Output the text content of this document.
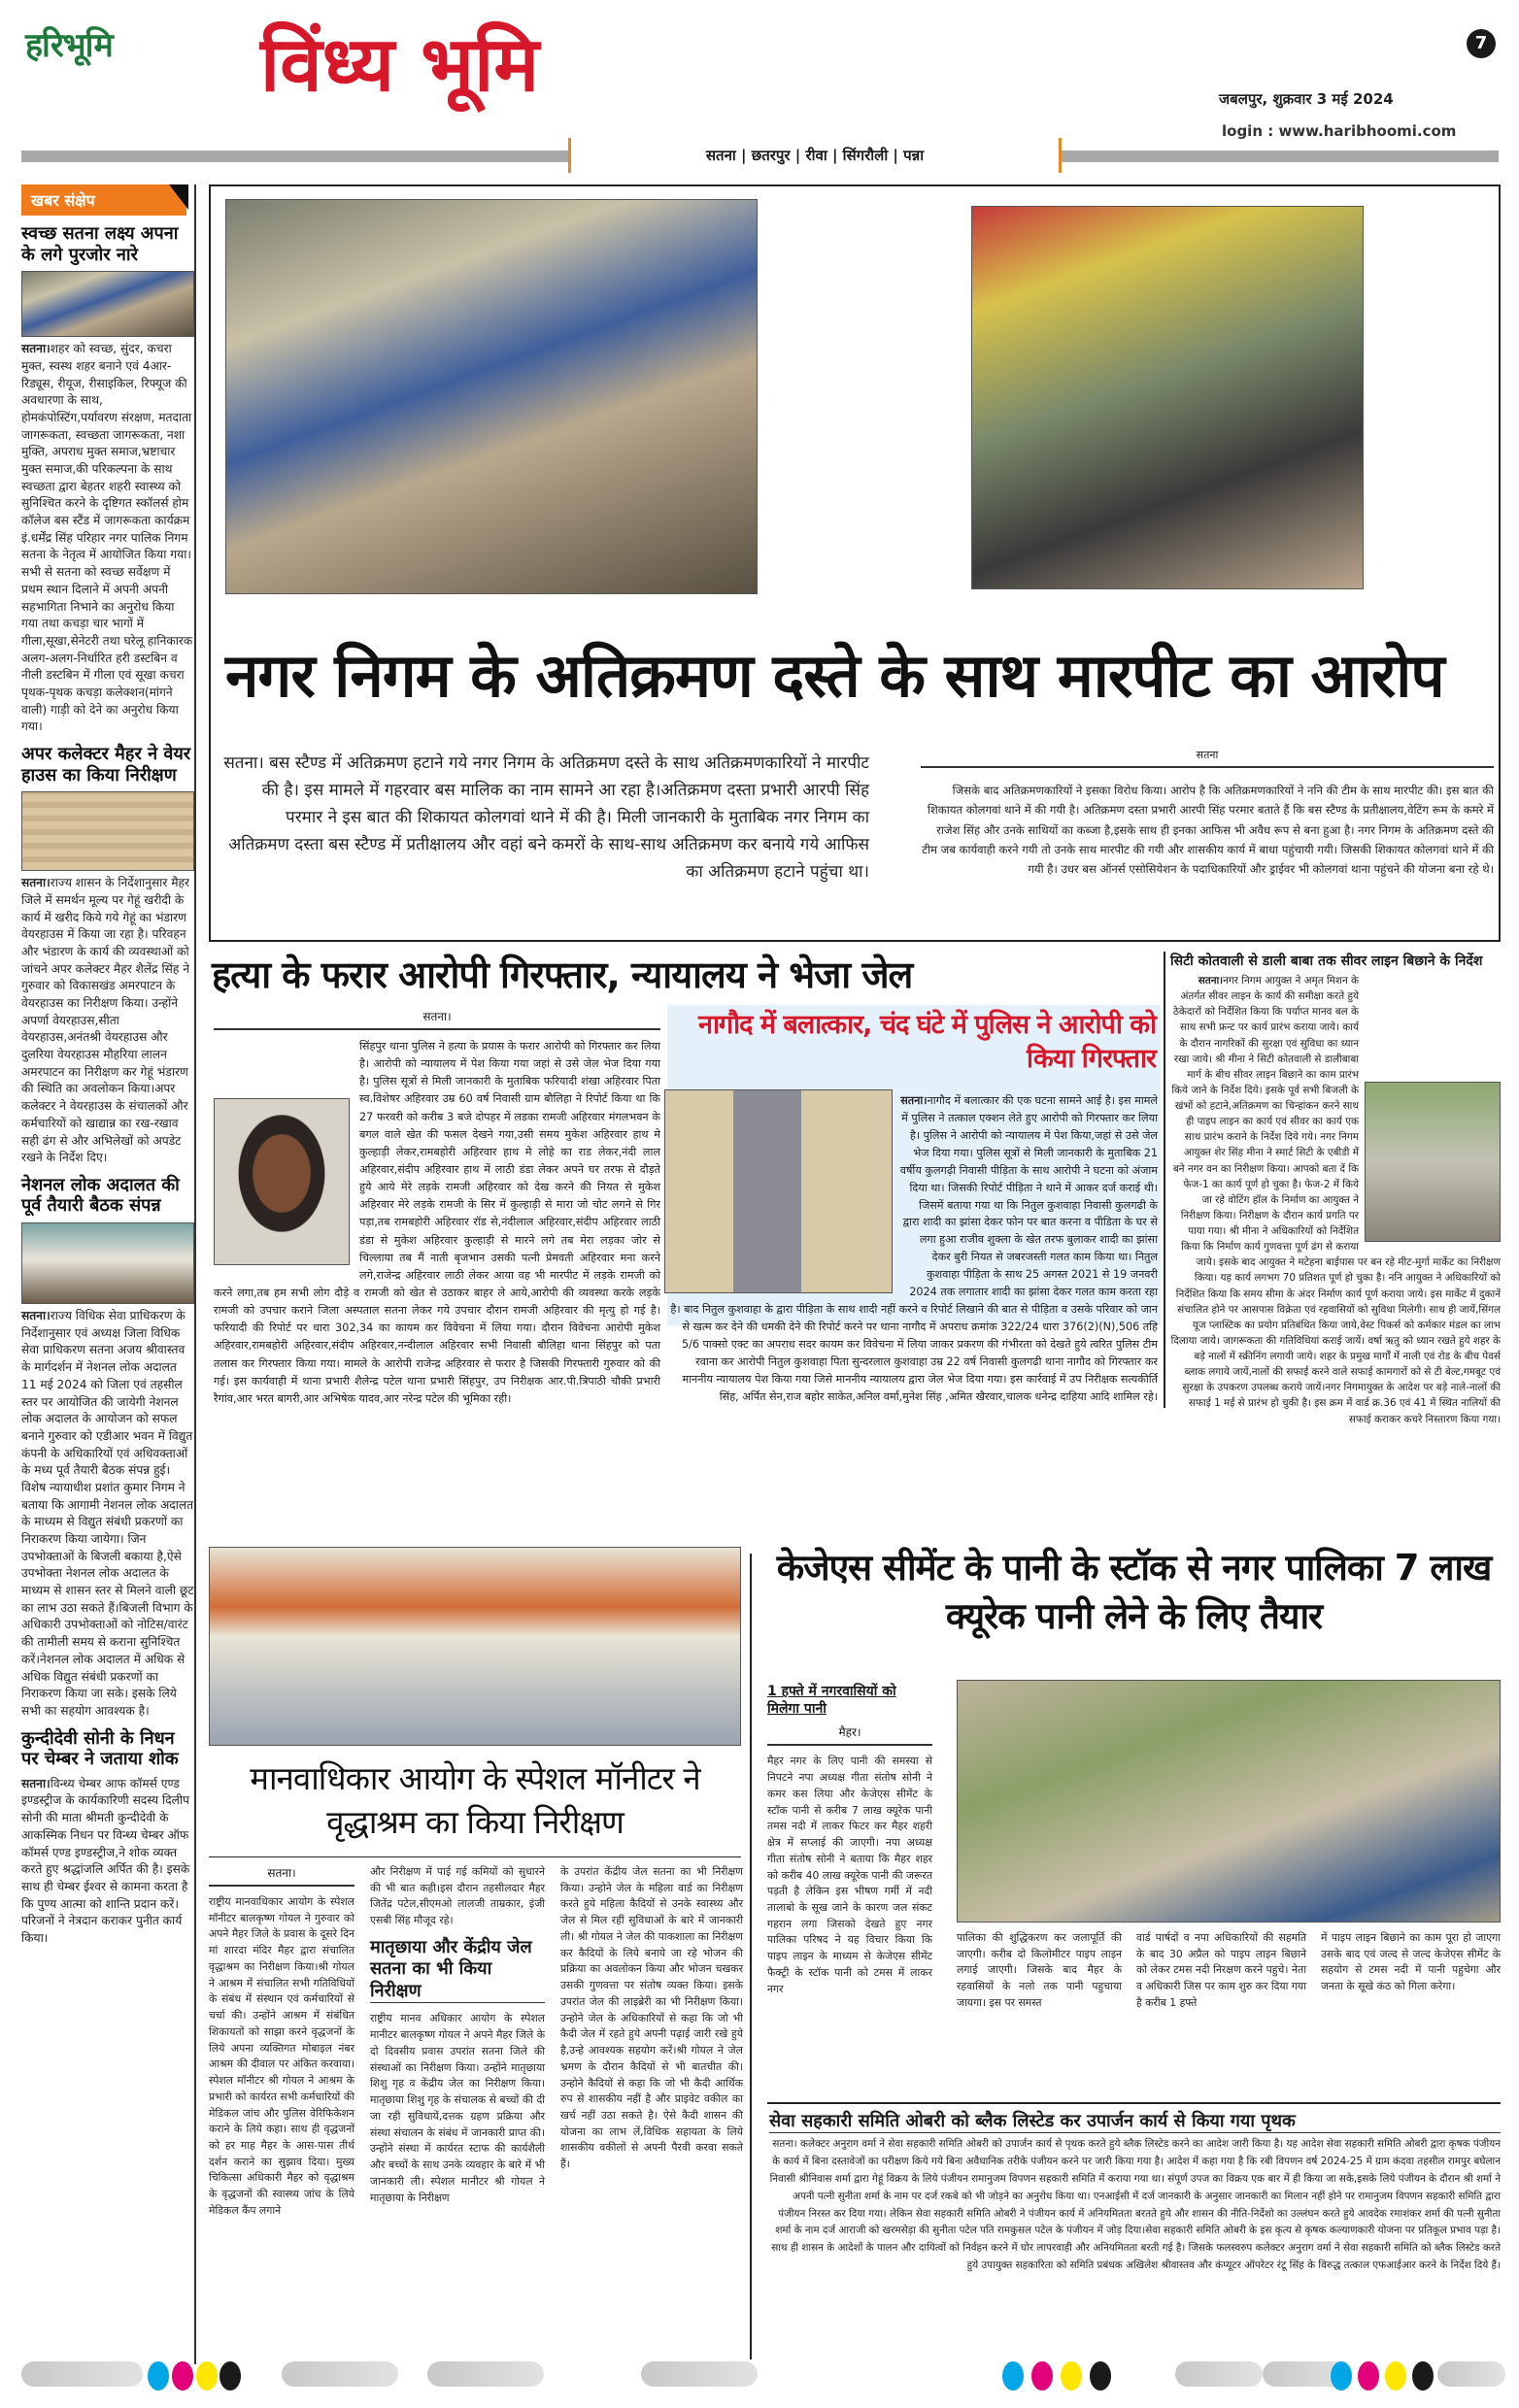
हरिभूमि विंध्य भूमि	7
जबलपुर, शुक्रवार 3 मई 2024
login : www.haribhoomi.com
सतना | छतरपुर | रीवा | सिंगरौली | पन्ना
खबर संक्षेप
स्वच्छ सतना लक्ष्य अपना के लगे पुरजोर नारे
सतना।शहर को स्वच्छ, सुंदर, कचरा मुक्त, स्वस्थ शहर बनाने एवं 4आर-रिड्यूस, रीयूज, रीसाइकिल, रिफ्यूज की अवधारणा के साथ, होमकंपोस्टिंग,पर्यावरण संरक्षण, मतदाता जागरूकता, स्वच्छता जागरूकता, नशा मुक्ति, अपराध मुक्त समाज,भ्रष्टाचार मुक्त समाज,की परिकल्पना के साथ स्वच्छता द्वारा बेहतर शहरी स्वास्थ्य को सुनिश्चित करने के दृष्टिगत स्कॉलर्स होम कॉलेज बस स्टैंड में जागरूकता कार्यक्रम इं.धर्मेंद्र सिंह परिहार नगर पालिक निगम सतना के नेतृत्व में आयोजित किया गया।सभी से सतना को स्वच्छ सर्वेक्षण में प्रथम स्थान दिलाने में अपनी अपनी सहभागिता निभाने का अनुरोध किया गया तथा कचड़ा चार भागों में गीला,सूखा,सेनेटरी तथा घरेलू हानिकारक अलग-अलग-निर्धारित हरी डस्टबिन व नीली डस्टबिन में गीला एवं सूखा कचरा पृथक-पृथक कचड़ा कलेक्शन(मांगने वाली) गाड़ी को देने का अनुरोध किया गया।
अपर कलेक्टर मैहर ने वेयर हाउस का किया निरीक्षण
सतना।राज्य शासन के निर्देशानुसार मैहर जिले में समर्थन मूल्य पर गेहूं खरीदी के कार्य में खरीद किये गये गेहूं का भंडारण वेयरहाउस में किया जा रहा है। परिवहन और भंडारण के कार्य की व्यवस्थाओं को जांचने अपर कलेक्टर मैहर शैलेंद्र सिंह ने गुरुवार को विकासखंड अमरपाटन के वेयरहाउस का निरीक्षण किया। उन्होंने अपर्णा वेयरहाउस,सीता वेयरहाउस,अनंतश्री वेयरहाउस और दुलरिया वेयरहाउस मौहरिया लालन अमरपाटन का निरीक्षण कर गेहूं भंडारण की स्थिति का अवलोकन किया।अपर कलेक्टर ने वेयरहाउस के संचालकों और कर्मचारियों को खाद्यान्न का रख-रखाव सही ढंग से और अभिलेखों को अपडेट रखने के निर्देश दिए।
नेशनल लोक अदालत की पूर्व तैयारी बैठक संपन्न
सतना।राज्य विधिक सेवा प्राधिकरण के निर्देशानुसार एवं अध्यक्ष जिला विधिक सेवा प्राधिकरण सतना अजय श्रीवास्तव के मार्गदर्शन में नेशनल लोक अदालत 11 मई 2024 को जिला एवं तहसील स्तर पर आयोजित की जायेगी नेशनल लोक अदालत के आयोजन को सफल बनाने गुरुवार को एडीआर भवन में विद्युत कंपनी के अधिकारियों एवं अधिवक्ताओं के मध्य पूर्व तैयारी बैठक संपन्न हुई। विशेष न्यायाधीश प्रशांत कुमार निगम ने बताया कि आगामी नेशनल लोक अदालत के माध्यम से विद्युत संबंधी प्रकरणों का निराकरण किया जायेगा। जिन उपभोक्ताओं के बिजली बकाया है,ऐसे उपभोक्ता नेशनल लोक अदालत के माध्यम से शासन स्तर से मिलने वाली छूट का लाभ उठा सकते हैं।बिजली विभाग के अधिकारी उपभोक्ताओं को नोटिस/वारंट की तामीली समय से कराना सुनिश्चित करें।नेशनल लोक अदालत में अधिक से अधिक विद्युत संबंधी प्रकरणों का निराकरण किया जा सके। इसके लिये सभी का सहयोग आवश्यक है।
कुन्दीदेवी सोनी के निधन पर चेम्बर ने जताया शोक
सतना।विन्ध्य चेम्बर आफ कॉमर्स एण्ड इण्डस्ट्रीज के कार्यकारिणी सदस्य दिलीप सोनी की माता श्रीमती कुन्दीदेवी के आकस्मिक निधन पर विन्ध्य चेम्बर ऑफ कॉमर्स एण्ड इण्डस्ट्रीज,ने शोक व्यक्त करते हुए श्रद्धांजलि अर्पित की है। इसके साथ ही चेम्बर ईश्वर से कामना करता है कि पुण्य आत्मा को शान्ति प्रदान करें। परिजनों ने नेत्रदान कराकर पुनीत कार्य किया।
नगर निगम के अतिक्रमण दस्ते के साथ मारपीट का आरोप
सतना। बस स्टैण्ड में अतिक्रमण हटाने गये नगर निगम के अतिक्रमण दस्ते के साथ अतिक्रमणकारियों ने मारपीट की है। इस मामले में गहरवार बस मालिक का नाम सामने आ रहा है।अतिक्रमण दस्ता प्रभारी आरपी सिंह परमार ने इस बात की शिकायत कोलगवां थाने में की है। मिली जानकारी के मुताबिक नगर निगम का अतिक्रमण दस्ता बस स्टैण्ड में प्रतीक्षालय और वहां बने कमरों के साथ-साथ अतिक्रमण कर बनाये गये आफिस का अतिक्रमण हटाने पहुंचा था।
सतना
जिसके बाद अतिक्रमणकारियों ने इसका विरोध किया। आरोप है कि अतिक्रमणकारियों ने ननि की टीम के साथ मारपीट की। इस बात की शिकायत कोलगवां थाने में की गयी है। अतिक्रमण दस्ता प्रभारी आरपी सिंह परमार बताते हैं कि बस स्टैण्ड के प्रतीक्षालय,वेटिंग रूम के कमरे में राजेश सिंह और उनके साथियों का कब्जा है,इसके साथ ही इनका आफिस भी अवैध रूप से बना हुआ है। नगर निगम के अतिक्रमण दस्ते की टीम जब कार्यवाही करने गयी तो उनके साथ मारपीट की गयी और शासकीय कार्य में बाधा पहुंचायी गयी। जिसकी शिकायत कोलगवां थाने में की गयी है। उधर बस ऑनर्स एसोसियेशन के पदाधिकारियों और ड्राईवर भी कोलगवां थाना पहुंचने की योजना बना रहे थे।
हत्या के फरार आरोपी गिरफ्तार, न्यायालय ने भेजा जेल
सतना।
सिंहपुर थाना पुलिस ने हत्या के प्रयास के फरार आरोपी को गिरफ्तार कर लिया है। आरोपी को न्यायालय में पेश किया गया जहां से उसे जेल भेज दिया गया है। पुलिस सूत्रों से मिली जानकारी के मुताबिक फरियादी शंखा अहिरवार पिता स्व.विशेषर अहिरवार उम्र 60 वर्ष निवासी ग्राम बौलिहा ने रिपोर्ट किया था कि 27 फरवरी को करीब 3 बजे दोपहर में लडका रामजी अहिरवार मंगलभवन के बगल वाले खेत की फसल देखने गया,उसी समय मुकेश अहिरवार हाथ मे कुल्हाड़ी लेकर,रामबहोरी अहिरवार हाथ मे लोहे का राड लेकर,नंदी लाल अहिरवार,संदीप अहिरवार हाथ में लाठी डंडा लेकर अपने घर तरफ से दौड़ते हुये आये मेरे लड़के रामजी अहिरवार को देख करने की नियत से मुकेश अहिरवार मेरे लड़के रामजी के सिर में कुल्हाड़ी से मारा जो चोट लगने से गिर पड़ा,तब रामबहोरी अहिरवार रॉड से,नंदीलाल अहिरवार,संदीप अहिरवार लाठी डंडा से मुकेश अहिरवार कुल्हाड़ी से मारने लगे तब मेरा लड़का जोर से चिल्लाया तब मैं नाती बृजभान उसकी पत्नी प्रेमवती अहिरवार मना करने लगे,राजेन्द्र अहिरवार लाठी लेकर आया वह भी मारपीट में लड़के रामजी को करने लगा,तब हम सभी लोग दौड़े व रामजी को खेत से उठाकर बाहर ले आये,आरोपी की व्यवस्था करके लड़के रामजी को उपचार कराने जिला अस्पताल सतना लेकर गये उपचार दौरान रामजी अहिरवार की मृत्यु हो गई है। फरियादी की रिपोर्ट पर धारा 302,34 का कायम कर विवेचना में लिया गया। दौरान विवेचना आरोपी मुकेश अहिरवार,रामबहोरी अहिरवार,संदीप अहिरवार,नन्दीलाल अहिरवार सभी निवासी बौलिहा थाना सिंहपुर को पता तलास कर गिरफ्तार किया गया। मामले के आरोपी राजेन्द्र अहिरवार से फरार है जिसकी गिरफ्तारी गुरुवार को की गई। इस कार्यवाही में थाना प्रभारी शैलेन्द्र पटेल थाना प्रभारी सिंहपुर, उप निरीक्षक आर.पी.त्रिपाठी चौकी प्रभारी रैगांव,आर भरत बागरी,आर अभिषेक यादव,आर नरेन्द्र पटेल की भूमिका रही।
नागौद में बलात्कार, चंद घंटे में पुलिस ने आरोपी को किया गिरफ्तार
सतना।नागौद में बलात्कार की एक घटना सामने आई है। इस मामले में पुलिस ने तत्काल एक्शन लेते हुए आरोपी को गिरफ्तार कर लिया है। पुलिस ने आरोपी को न्यायालय में पेश किया,जहां से उसे जेल भेज दिया गया। पुलिस सूत्रों से मिली जानकारी के मुताबिक 21 वर्षीय कुलगढ़ी निवासी पीड़िता के साथ आरोपी ने घटना को अंजाम दिया था। जिसकी रिपोर्ट पीड़िता ने थाने में आकर दर्ज कराई थी। जिसमें बताया गया था कि नितुल कुशवाहा निवासी कुलगढी के द्वारा शादी का झांसा देकर फोन पर बात करना व पीडिता के घर से लगा हुआ राजीव शुक्ला के खेत तरफ बुलाकर शादी का झांसा देकर बुरी नियत से जबरजस्ती गलत काम किया था। नितुल कुशवाहा पीड़िता के साथ 25 अगस्त 2021 से 19 जनवरी 2024 तक लगातार शादी का झांसा देकर गलत काम करता रहा है। बाद नितुल कुशवाहा के द्वारा पीड़िता के साथ शादी नहीं करने व रिपोर्ट लिखाने की बात से पीड़िता व उसके परिवार को जान से खत्म कर देने की धमकी देने की रिपोर्ट करने पर थाना नागौद में अपराध क्रमांक 322/24 धारा 376(2)(N),506 तहि 5/6 पाक्सो एक्ट का अपराध सदर कायम कर विवेचना में लिया जाकर प्रकरण की गंभीरता को देखते हुये त्वरित पुलिस टीम रवाना कर आरोपी नितुल कुशवाहा पिता सुन्दरलाल कुशवाहा उम्र 22 वर्ष निवासी कुलगढी थाना नागौद को गिरफ्तार कर माननीय न्यायालय पेश किया गया जिसे माननीय न्यायालय द्वारा जेल भेज दिया गया। इस कार्रवाई में उप निरीक्षक सत्यकीर्ति सिंह, अर्पित सेन,राज बहोर साकेत,अनिल वर्मा,मुनेश सिंह ,अमित खैरवार,चालक धनेन्द्र दाहिया आदि शामिल रहे।
सिटी कोतवाली से डाली बाबा तक सीवर लाइन बिछाने के निर्देश
सतना।नगर निगम आयुक्त ने अमृत मिशन के अंतर्गत सीवर लाइन के कार्य की समीक्षा करते हुये ठेकेदारों को निर्देशित किया कि पर्याप्त मानव बल के साथ सभी फ्रन्ट पर कार्य प्रारंभ कराया जाये। कार्य के दौरान नागरिकों की सुरक्षा एवं सुविधा का ध्यान रखा जाये। श्री मीना ने सिटी कोतवाली से डालीबाबा मार्ग के बीच सीवर लाइन बिछाने का काम प्रारंभ किये जाने के निर्देश दिये। इसके पूर्व सभी बिजली के खंभों को हटाने,अतिक्रमण का चिन्हांकन करने साथ ही पाइप लाइन का कार्य एवं सीवर का कार्य एक साथ प्रारंभ कराने के निर्देश दिये गये। नगर निगम आयुक्त शेर सिंह मीना ने स्मार्ट सिटी के एबीडी में बने नगर वन का निरीक्षण किया। आपको बता दें कि फेज-1 का कार्य पूर्ण हो चुका है। फेज-2 में किये जा रहे वोटिंग हॉल के निर्माण का आयुक्त ने निरीक्षण किया। निरीक्षण के दौरान कार्य प्रगति पर पाया गया। श्री मीना ने अधिकारियों को निर्देशित किया कि निर्माण कार्य गुणवत्ता पूर्ण ढंग से कराया जाये। इसके बाद आयुक्त ने मटेहना बाईपास पर बन रहे मीट-मुर्गा मार्केट का निरीक्षण किया। यह कार्य लगभग 70 प्रतिशत पूर्ण हो चुका है। ननि आयुक्त ने अधिकारियों को निर्देशित किया कि समय सीमा के अंदर निर्माण कार्य पूर्ण कराया जाये। इस मार्केट में दुकानें संचालित होने पर आसपास विक्रेता एवं रहवासियों को सुविधा मिलेगी। साथ ही जायें,सिंगल यूज प्लास्टिक का प्रयोग प्रतिबंधित किया जाये,वेस्ट पिकर्स को कर्मकार मंडल का लाभ दिलाया जाये। जागरूकता की गतिविधियां कराई जायें। वर्षा ऋतु को ध्यान रखते हुये शहर के बड़े नालों में स्क्रीनिंग लगायी जाये। शहर के प्रमुख मार्गों में नाली एवं रोड के बीच पेवर्स ब्लाक लगाये जायें,नालों की सफाई करने वाले सफाई कामगारों को से टी बेल्ट,गमबूट एवं सुरक्षा के उपकरण उपलब्ध कराये जायें।नगर निगमायुक्त के आदेश पर बड़े नाले-नालों की सफाई 1 मई से प्रारंभ हो चुकी है। इस क्रम में वार्ड क्र.36 एवं 41 में स्थित नालियों की सफाई कराकर कचरे निस्तारण किया गया।
मानवाधिकार आयोग के स्पेशल मॉनीटर ने वृद्धाश्रम का किया निरीक्षण
सतना।
राष्ट्रीय मानवाधिकार आयोग के स्पेशल मॉनीटर बालकृष्ण गोयल ने गुरुवार को अपने मैहर जिले के प्रवास के दूसरे दिन मां शारदा मंदिर मैहर द्वारा संचालित वृद्धाश्रम का निरीक्षण किया।श्री गोयल ने आश्रम में संचालित सभी गतिविधियों के संबंध में संस्थान एवं कर्मचारियों से चर्चा की। उन्होंने आश्रम में संबंधित शिकायतों को साझा करने वृद्धजनों के लिये अपना व्यक्तिगत मोबाइल नंबर आश्रम की दीवाल पर अंकित करवाया। स्पेशल मॉनीटर श्री गोयल ने आश्रम के प्रभारी को कार्यरत सभी कर्मचारियों की मेडिकल जांच और पुलिस वेरिफिकेशन कराने के लिये कहा। साथ ही वृद्धजनों को हर माह मैहर के आस-पास तीर्थ दर्शन कराने का सुझाव दिया। मुख्य चिकित्सा अधिकारी मैहर को वृद्धाश्रम के वृद्धजनों की स्वास्थ्य जांच के लिये मेडिकल कैंप लगाने
और निरीक्षण में पाई गई कमियों को सुधारने की भी बात कही।इस दौरान तहसीलदार मैहर जितेंद्र पटेल,सीएमओ लालजी ताम्रकार, इंजी एसबी सिंह मौजूद रहे।
मातृछाया और केंद्रीय जेल सतना का भी किया निरीक्षण
राष्ट्रीय मानव अधिकार आयोग के स्पेशल मानीटर बालकृष्ण गोयल ने अपने मैहर जिले के दो दिवसीय प्रवास उपरांत सतना जिले की संस्थाओं का निरीक्षण किया। उन्होंने मातृछाया शिशु गृह व केंद्रीय जेल का निरीक्षण किया। मातृछाया शिशु गृह के संचालक से बच्चों की दी जा रही सुविधायें,दत्तक ग्रहण प्रक्रिया और संस्था संचालन के संबंध में जानकारी प्राप्त की। उन्होंने संस्था में कार्यरत स्टाफ की कार्यशैली और बच्चों के साथ उनके व्यवहार के बारे में भी जानकारी ली। स्पेशल मानीटर श्री गोयल ने मातृछाया के निरीक्षण
के उपरांत केंद्रीय जेल सतना का भी निरीक्षण किया। उन्होने जेल के महिला वार्ड का निरीक्षण करते हुये महिला कैदियों से उनके स्वास्थ्य और जेल से मिल रहीं सुविधाओं के बारे में जानकारी ली। श्री गोयल ने जेल की पाकशाला का निरीक्षण कर कैदियों के लिये बनाये जा रहे भोजन की प्रक्रिया का अवलोकन किया और भोजन चखकर उसकी गुणवत्ता पर संतोष व्यक्त किया। इसके उपरांत जेल की लाइब्रेरी का भी निरीक्षण किया। उन्होने जेल के अधिकारियों से कहा कि जो भी कैदी जेल में रहते हुये अपनी पढ़ाई जारी रखे हुये है,उन्हे आवश्यक सहयोग करें।श्री गोयल ने जेल भ्रमण के दौरान कैदियों से भी बातचीत की। उन्होने कैदियों से कहा कि जो भी कैदी आर्थिक रुप से शासकीय नहीं है और प्राइवेट वकील का खर्च नहीं उठा सकते है। ऐसे कैदी शासन की योजना का लाभ लें,विधिक सहायता के लिये शासकीय वकीलों से अपनी पैरवी करवा सकते हैं।
केजेएस सीमेंट के पानी के स्टॉक से नगर पालिका 7 लाख क्यूरेक पानी लेने के लिए तैयार
1 हफ्ते में नगरवासियों को मिलेगा पानी
मैहर।
मैहर नगर के लिए पानी की समस्या से निपटने नपा अध्यक्ष गीता संतोष सोनी ने कमर कस लिया और केजेएस सीमेंट के स्टॉक पानी से करीब 7 लाख क्यूरेक पानी तमस नदी में लाकर फिटर कर मैहर शहरी क्षेत्र में सप्लाई की जाएगी। नपा अध्यक्ष गीता संतोष सोनी ने बताया कि मैहर शहर को करीब 40 लाख क्यूरेक पानी की जरूरत पड़ती है लेकिन इस भीषण गर्मी में नदी तालाबो के सूख जाने के कारण जल संकट गहरान लगा जिसको देखते हुए नगर पालिका परिषद ने यह विचार किया कि पाइप लाइन के माध्यम से केजेएस सीमेंट फैक्ट्री के स्टॉक पानी को टमस में लाकर नगर
पालिका की शुद्धिकरण कर जलापूर्ति की जाएगी। करीब दो किलोमीटर पाइप लाइन लगाई जाएगी। जिसके बाद मैहर के रहवासियों के नलो तक पानी पहुचाया जायगा। इस पर समस्त
वार्ड पार्षदों व नपा अधिकारियों की सहमति के बाद 30 अप्रैल को पाइप लाइन बिछाने को लेकर टमस नदी निरक्षण करने पहुचे। नेता व अधिकारी जिस पर काम शुरु कर दिया गया है करीब 1 हफ्ते
में पाइप लाइन बिछाने का काम पूरा हो जाएगा उसके बाद एवं जल्द से जल्द केजेएस सीमेंट के सहयोग से टमस नदी में पानी पहुचेगा और जनता के सूखे कंठ को गिला करेगा।
सेवा सहकारी समिति ओबरी को ब्लैक लिस्टेड कर उपार्जन कार्य से किया गया पृथक
सतना। कलेक्टर अनुराग वर्मा ने सेवा सहकारी समिति ओबरी को उपार्जन कार्य से पृथक करते हुये ब्लैक लिस्टेड करने का आदेश जारी किया है। यह आदेश सेवा सहकारी समिति ओबरी द्वारा कृषक पंजीयन के कार्य में बिना दस्तावेजों का परीक्षण किये गये बिना अवैधानिक तरीके पंजीयन करने पर जारी किया गया है। आदेश में कहा गया है कि रबी विपणन वर्ष 2024-25 में ग्राम कंदवा तहसील रामपुर बघेलान निवासी श्रीनिवास शर्मा द्वारा गेहूं विक्रय के लिये पंजीयन रामानुजम विपणन सहकारी समिति में कराया गया था। संपूर्ण उपज का विक्रय एक बार में ही किया जा सके,इसके लिये पंजीयन के दौरान श्री शर्मा ने अपनी पत्नी सुनीता शर्मा के नाम पर दर्ज रकबे को भी जोड़ने का अनुरोध किया था। एनआईसी में दर्ज जानकारी के अनुसार जानकारी का मिलान नहीं होने पर रामानुजम विपणन सहकारी समिति द्वारा पंजीयन निरस्त कर दिया गया। लेकिन सेवा सहकारी समिति ओबरी ने पंजीयन कार्य में अनियमितता बरतते हुये और शासन की नीति-निर्देशो का उल्लंघन करते हुये आवदेक रमाशंकर शर्मा की पत्नी सुनीता शर्मा के नाम दर्ज आराजी को खरमसेड़ा की सुनीता पटेल पति रामकुसल पटेल के पंजीयन में जोड़ दिया।सेवा सहकारी समिति ओबरी के इस कृत्य से कृषक कल्याणकारी योजना पर प्रतिकूल प्रभाव पड़ा है।साथ ही शासन के आदेशों के पालन और दायित्वों को निर्वहन करने में घोर लापरवाही और अनियमितता बरती गई है। जिसके फलस्वरुप कलेक्टर अनुराग वर्मा ने सेवा सहकारी समिति को ब्लैक लिस्टेड करते हुये उपायुक्त सहकारिता को समिति प्रबंधक अखिलेश श्रीवास्तव और कंप्यूटर ऑपरेटर रंटू सिंह के विरुद्ध तत्काल एफआईआर करने के निर्देश दिये हैं।
